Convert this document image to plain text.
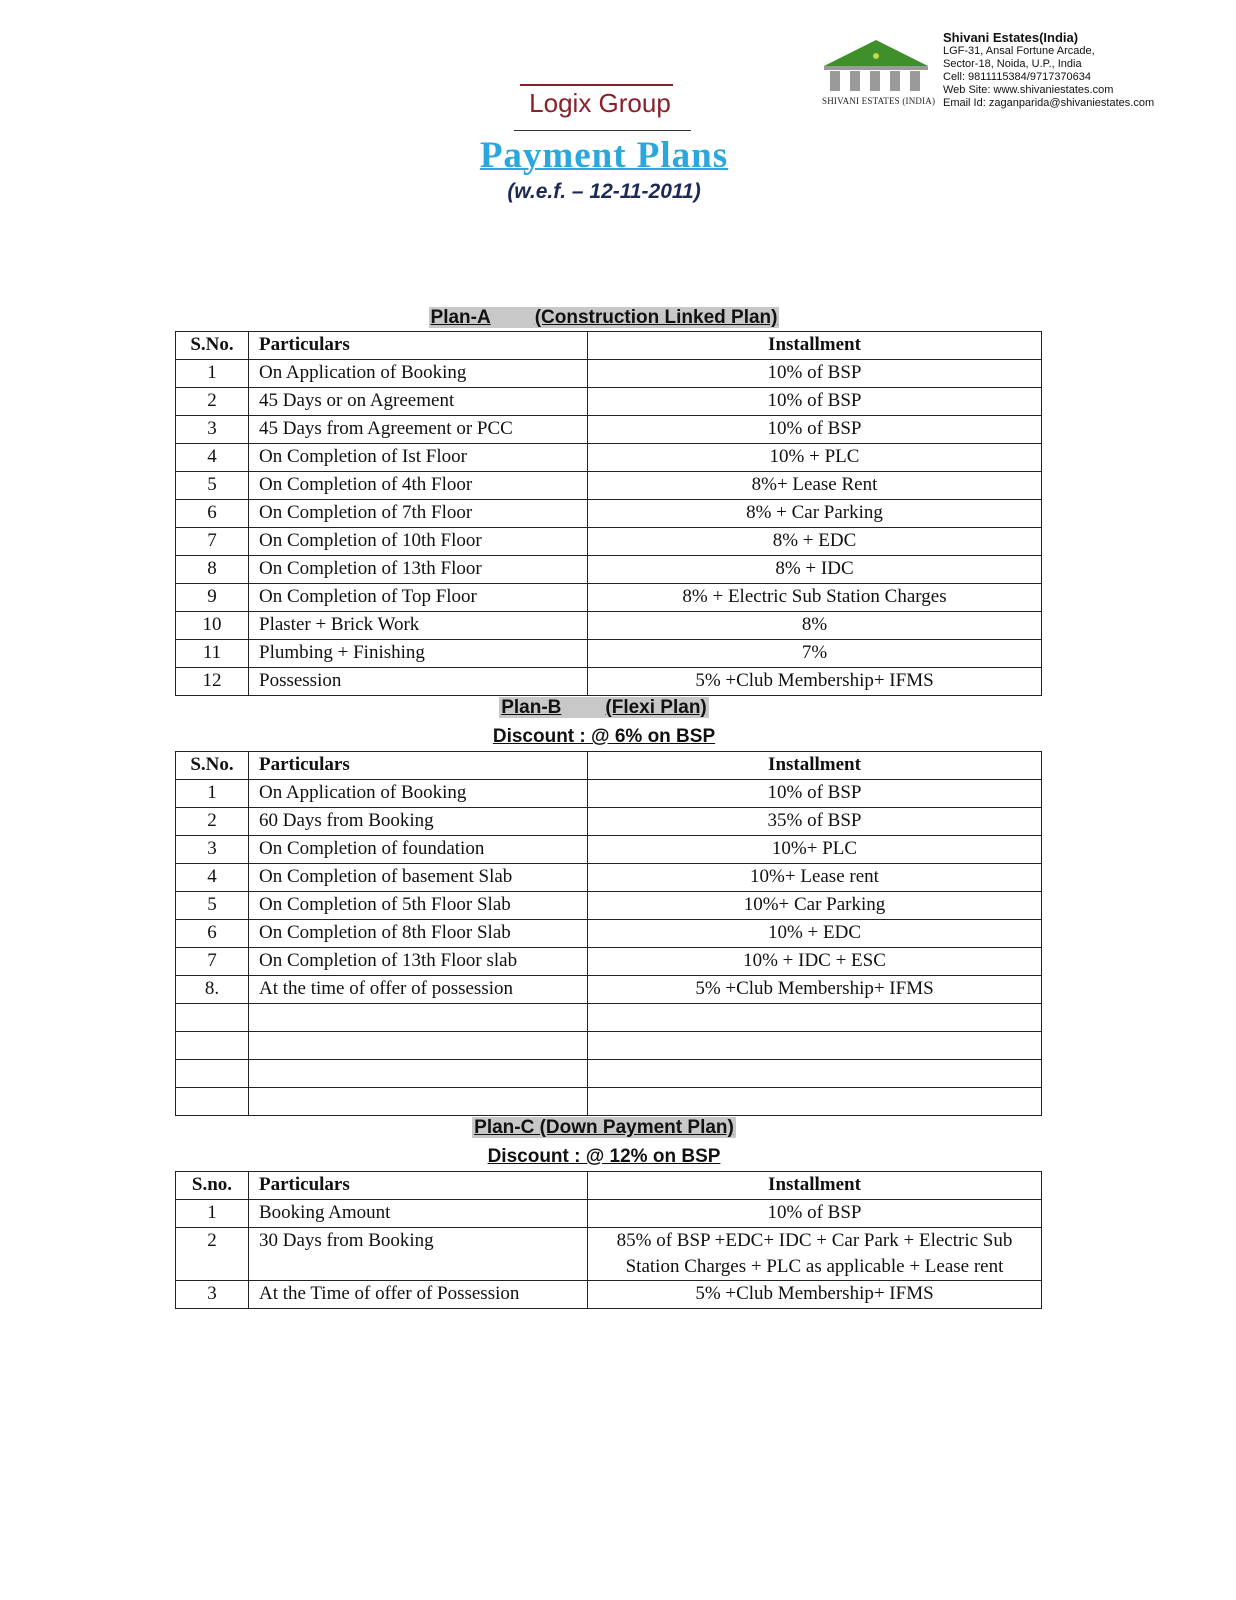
SHIVANI ESTATES (INDIA)
Shivani Estates(India)
LGF-31, Ansal Fortune Arcade,
Sector-18, Noida, U.P., India
Cell: 9811115384/9717370634
Web Site: www.shivaniestates.com
Email Id: zaganparida@shivaniestates.com
Logix Group
Payment Plans
(w.e.f. – 12-11-2011)
Plan-A (Construction Linked Plan)
S.No.	Particulars	Installment
1	On Application of Booking	10% of BSP
2	45 Days or on Agreement	10% of BSP
3	45 Days from Agreement or PCC	10% of BSP
4	On Completion of Ist Floor	10% + PLC
5	On Completion of 4th Floor	8%+ Lease Rent
6	On Completion of 7th Floor	8% + Car Parking
7	On Completion of 10th Floor	8% + EDC
8	On Completion of 13th Floor	8% + IDC
9	On Completion of Top Floor	8% + Electric Sub Station Charges
10	Plaster + Brick Work	8%
11	Plumbing + Finishing	7%
12	Possession	5% +Club Membership+ IFMS
Plan-B (Flexi Plan)
Discount : @ 6% on BSP
S.No.	Particulars	Installment
1	On Application of Booking	10% of BSP
2	60 Days from Booking	35% of BSP
3	On Completion of foundation	10%+ PLC
4	On Completion of basement Slab	10%+ Lease rent
5	On Completion of 5th Floor Slab	10%+ Car Parking
6	On Completion of 8th Floor Slab	10% + EDC
7	On Completion of 13th Floor slab	10% + IDC + ESC
8.	At the time of offer of possession	5% +Club Membership+ IFMS

Plan-C (Down Payment Plan)
Discount : @ 12% on BSP
S.no.	Particulars	Installment
1	Booking Amount	10% of BSP
2	30 Days from Booking	85% of BSP +EDC+ IDC + Car Park + Electric Sub Station Charges + PLC as applicable + Lease rent
3	At the Time of offer of Possession	5% +Club Membership+ IFMS
